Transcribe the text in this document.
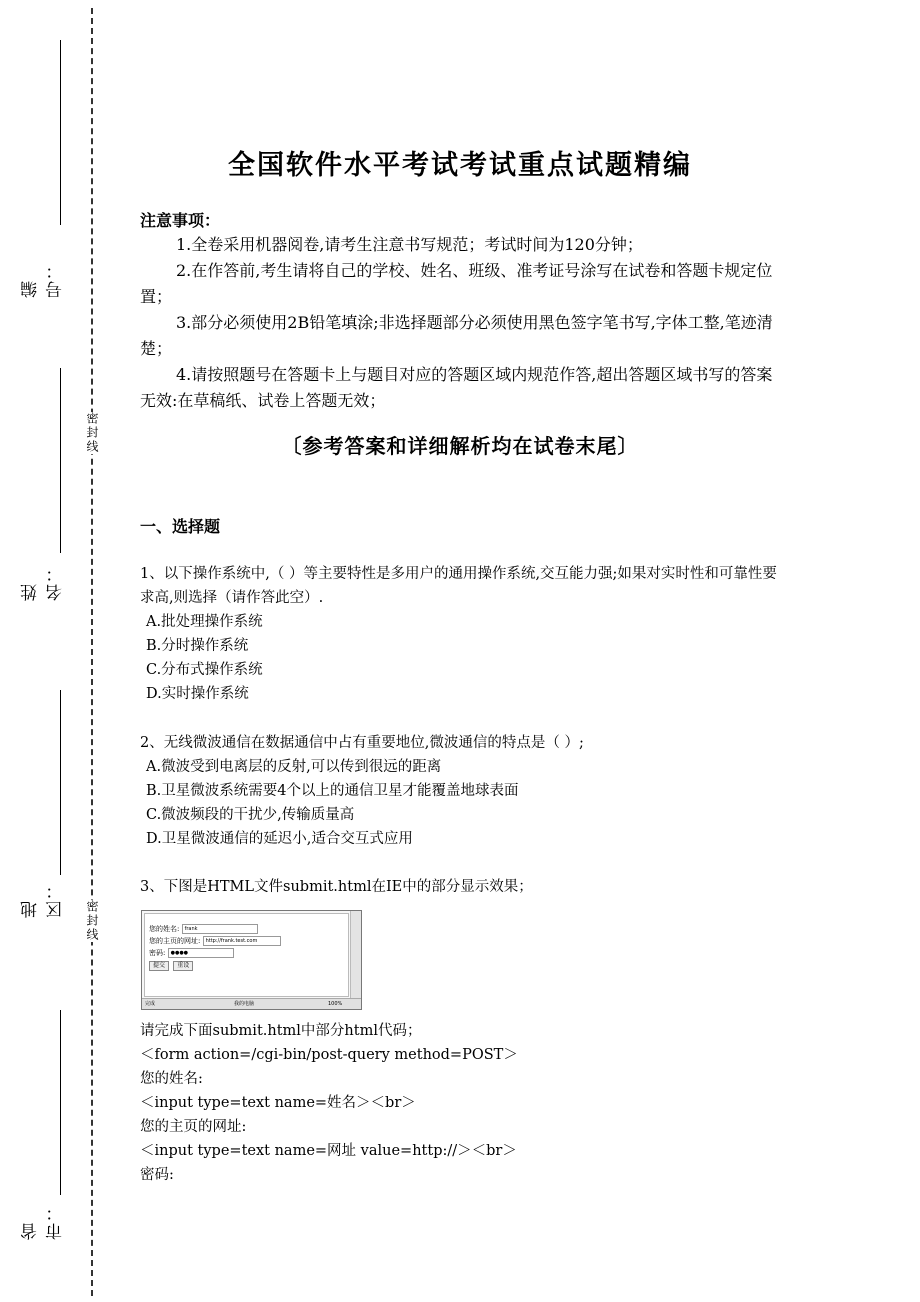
编号：
姓名：
地区：
省市：
密封线
密封线
全国软件水平考试考试重点试题精编
注意事项：

1.全卷采用机器阅卷,请考生注意书写规范；考试时间为120分钟；

2.在作答前,考生请将自己的学校、姓名、班级、准考证号涂写在试卷和答题卡规定位置；

3.部分必须使用2B铅笔填涂;非选择题部分必须使用黑色签字笔书写,字体工整,笔迹清楚；

4.请按照题号在答题卡上与题目对应的答题区域内规范作答,超出答题区域书写的答案无效:在草稿纸、试卷上答题无效；

〔参考答案和详细解析均在试卷末尾〕
一、选择题

1、以下操作系统中,（ ）等主要特性是多用户的通用操作系统,交互能力强;如果对实时性和可靠性要求高,则选择（请作答此空）.

A.批处理操作系统

B.分时操作系统

C.分布式操作系统

D.实时操作系统

2、无线微波通信在数据通信中占有重要地位,微波通信的特点是（ ）;

A.微波受到电离层的反射,可以传到很远的距离

B.卫星微波系统需要4个以上的通信卫星才能覆盖地球表面

C.微波频段的干扰少,传输质量高

D.卫星微波通信的延迟小,适合交互式应用

3、下图是HTML文件submit.html在IE中的部分显示效果；

您的姓名: frank
您的主页的网址: http://frank.test.com
密码: ●●●●
提交 重设
完成	我的电脑	100%

请完成下面submit.html中部分html代码；

＜form action=/cgi-bin/post-query method=POST＞

您的姓名:

＜input type=text name=姓名＞＜br＞

您的主页的网址:

＜input type=text name=网址 value=http://＞＜br＞

密码:
